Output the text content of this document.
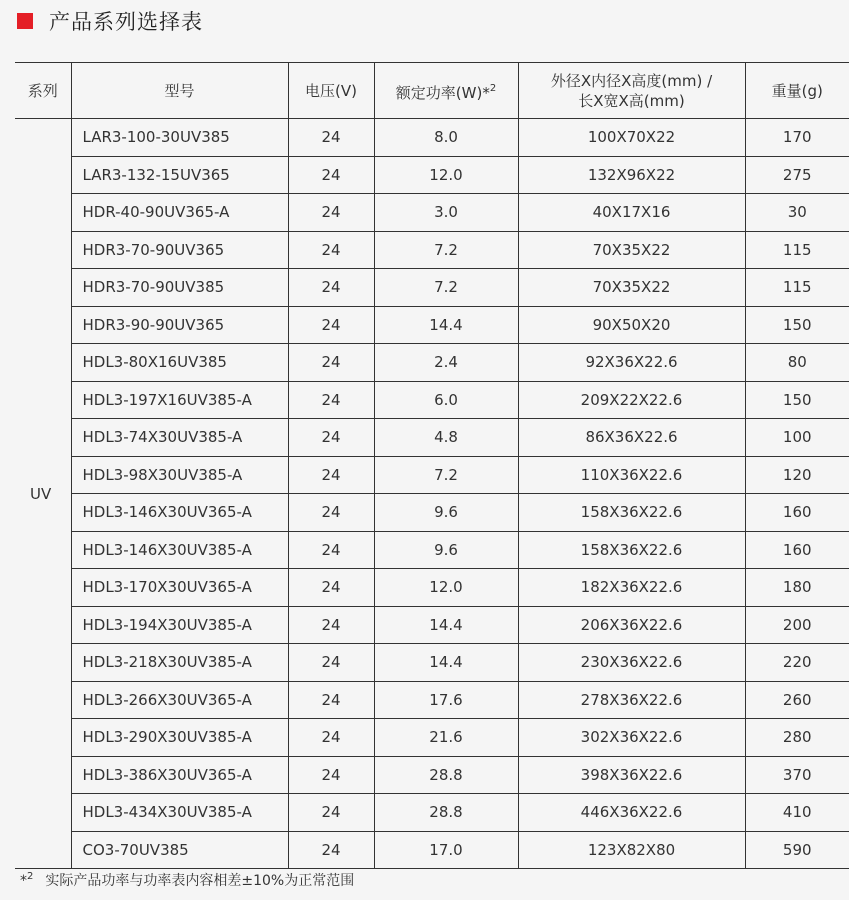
产品系列选择表
系列	型号	电压(V)	额定功率(W)*$^2$	外径X内径X高度(mm) /
长X宽X高(mm)	重量(g)
UV	LAR3-100-30UV385	24	8.0	100X70X22	170
	LAR3-132-15UV365	24	12.0	132X96X22	275
	HDR-40-90UV365-A	24	3.0	40X17X16	30
	HDR3-70-90UV365	24	7.2	70X35X22	115
	HDR3-70-90UV385	24	7.2	70X35X22	115
	HDR3-90-90UV365	24	14.4	90X50X20	150
	HDL3-80X16UV385	24	2.4	92X36X22.6	80
	HDL3-197X16UV385-A	24	6.0	209X22X22.6	150
	HDL3-74X30UV385-A	24	4.8	86X36X22.6	100
	HDL3-98X30UV385-A	24	7.2	110X36X22.6	120
	HDL3-146X30UV365-A	24	9.6	158X36X22.6	160
	HDL3-146X30UV385-A	24	9.6	158X36X22.6	160
	HDL3-170X30UV365-A	24	12.0	182X36X22.6	180
	HDL3-194X30UV385-A	24	14.4	206X36X22.6	200
	HDL3-218X30UV385-A	24	14.4	230X36X22.6	220
	HDL3-266X30UV365-A	24	17.6	278X36X22.6	260
	HDL3-290X30UV385-A	24	21.6	302X36X22.6	280
	HDL3-386X30UV365-A	24	28.8	398X36X22.6	370
	HDL3-434X30UV385-A	24	28.8	446X36X22.6	410
	CO3-70UV385	24	17.0	123X82X80	590
*$^2$ 实际产品功率与功率表内容相差±10%为正常范围
